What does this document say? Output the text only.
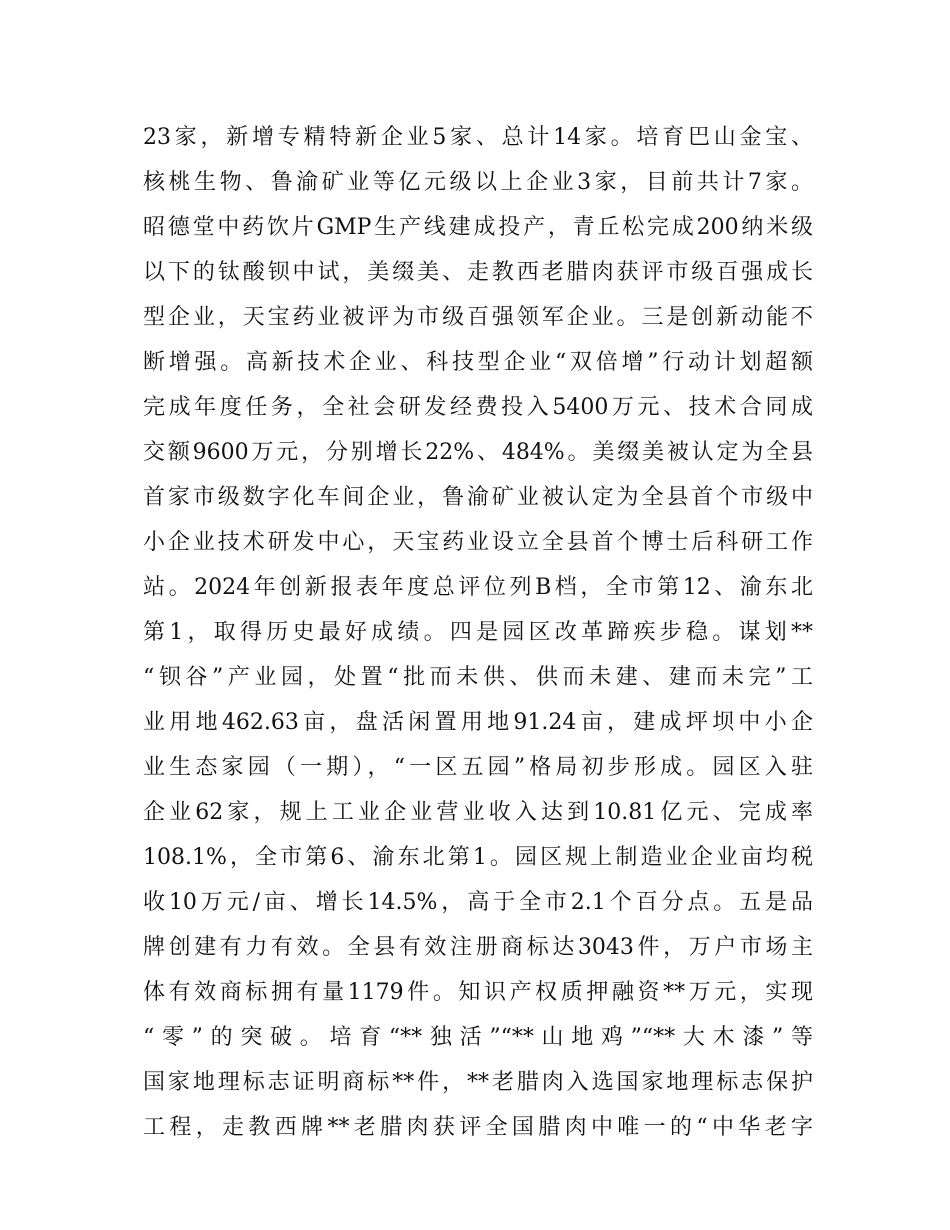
23家，新增专精特新企业5家、总计14家。培育巴山金宝、
核桃生物、鲁渝矿业等亿元级以上企业3家，目前共计7家。
昭德堂中药饮片GMP生产线建成投产，青丘松完成200纳米级
以下的钛酸钡中试，美缀美、走教西老腊肉获评市级百强成长
型企业，天宝药业被评为市级百强领军企业。三是创新动能不
断增强。高新技术企业、科技型企业“双倍增”行动计划超额
完成年度任务，全社会研发经费投入5400万元、技术合同成
交额9600万元，分别增长22%、484%。美缀美被认定为全县
首家市级数字化车间企业，鲁渝矿业被认定为全县首个市级中
小企业技术研发中心，天宝药业设立全县首个博士后科研工作
站。2024年创新报表年度总评位列B档，全市第12、渝东北
第1，取得历史最好成绩。四是园区改革蹄疾步稳。谋划**
“钡谷”产业园，处置“批而未供、供而未建、建而未完”工
业用地462.63亩，盘活闲置用地91.24亩，建成坪坝中小企
业生态家园（一期），“一区五园”格局初步形成。园区入驻
企业62家，规上工业企业营业收入达到10.81亿元、完成率
108.1%，全市第6、渝东北第1。园区规上制造业企业亩均税
收10万元/亩、增长14.5%，高于全市2.1个百分点。五是品
牌创建有力有效。全县有效注册商标达3043件，万户市场主
体有效商标拥有量1179件。知识产权质押融资**万元，实现
“零”的突破。培育“**独活”“**山地鸡”“**大木漆”等
国家地理标志证明商标**件，**老腊肉入选国家地理标志保护
工程，走教西牌**老腊肉获评全国腊肉中唯一的“中华老字
